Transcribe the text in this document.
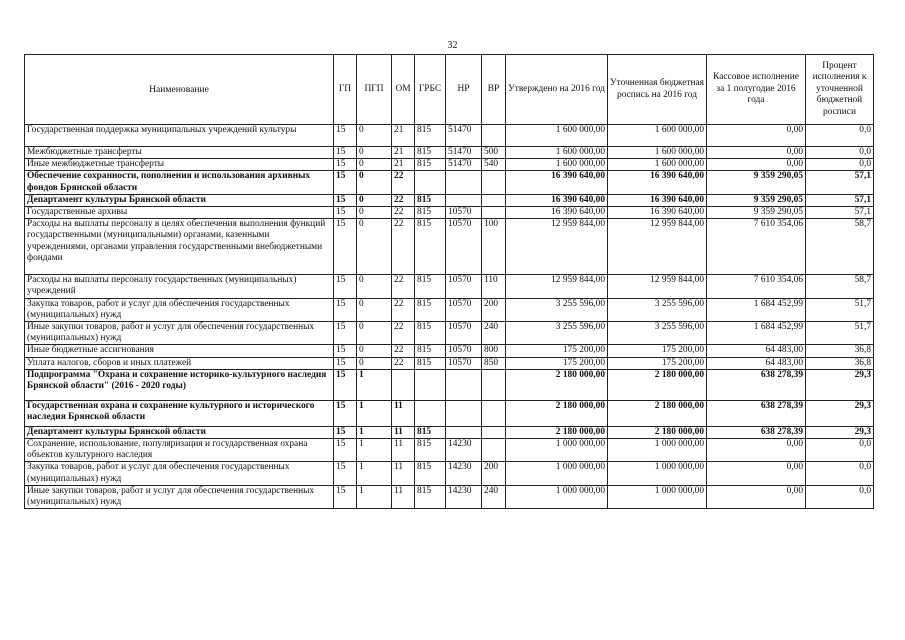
32
Наименование	ГП	ПГП	ОМ	ГРБС	НР	ВР	Утверждено на 2016 год	Уточненная бюджетная роспись на 2016 год	Кассовое исполнение за 1 полугодие 2016 года	Процент исполнения к уточненной бюджетной росписи
Государственная поддержка муниципальных учреждений культуры	15	0	21	815	51470		1 600 000,00	1 600 000,00	0,00	0,0
Межбюджетные трансферты	15	0	21	815	51470	500	1 600 000,00	1 600 000,00	0,00	0,0
Иные межбюджетные трансферты	15	0	21	815	51470	540	1 600 000,00	1 600 000,00	0,00	0,0
Обеспечение сохранности, пополнения и использования архивных фондов Брянской области	15	0	22				16 390 640,00	16 390 640,00	9 359 290,05	57,1
Департамент культуры Брянской области	15	0	22	815			16 390 640,00	16 390 640,00	9 359 290,05	57,1
Государственные архивы	15	0	22	815	10570		16 390 640,00	16 390 640,00	9 359 290,05	57,1
Расходы на выплаты персоналу в целях обеспечения выполнения функций государственными (муниципальными) органами, казенными учреждениями, органами управления государственными внебюджетными фондами	15	0	22	815	10570	100	12 959 844,00	12 959 844,00	7 610 354,06	58,7
Расходы на выплаты персоналу государственных (муниципальных) учреждений	15	0	22	815	10570	110	12 959 844,00	12 959 844,00	7 610 354,06	58,7
Закупка товаров, работ и услуг для обеспечения государственных (муниципальных) нужд	15	0	22	815	10570	200	3 255 596,00	3 255 596,00	1 684 452,99	51,7
Иные закупки товаров, работ и услуг для обеспечения государственных (муниципальных) нужд	15	0	22	815	10570	240	3 255 596,00	3 255 596,00	1 684 452,99	51,7
Иные бюджетные ассигнования	15	0	22	815	10570	800	175 200,00	175 200,00	64 483,00	36,8
Уплата налогов, сборов и иных платежей	15	0	22	815	10570	850	175 200,00	175 200,00	64 483,00	36,8
Подпрограмма "Охрана и сохранение историко-культурного наследия Брянской области" (2016 - 2020 годы)	15	1					2 180 000,00	2 180 000,00	638 278,39	29,3
Государственная охрана и сохранение культурного и исторического наследия Брянской области	15	1	11				2 180 000,00	2 180 000,00	638 278,39	29,3
Департамент культуры Брянской области	15	1	11	815			2 180 000,00	2 180 000,00	638 278,39	29,3
Сохранение, использование, популяризация и государственная охрана объектов культурного наследия	15	1	11	815	14230		1 000 000,00	1 000 000,00	0,00	0,0
Закупка товаров, работ и услуг для обеспечения государственных (муниципальных) нужд	15	1	11	815	14230	200	1 000 000,00	1 000 000,00	0,00	0,0
Иные закупки товаров, работ и услуг для обеспечения государственных (муниципальных) нужд	15	1	11	815	14230	240	1 000 000,00	1 000 000,00	0,00	0,0
